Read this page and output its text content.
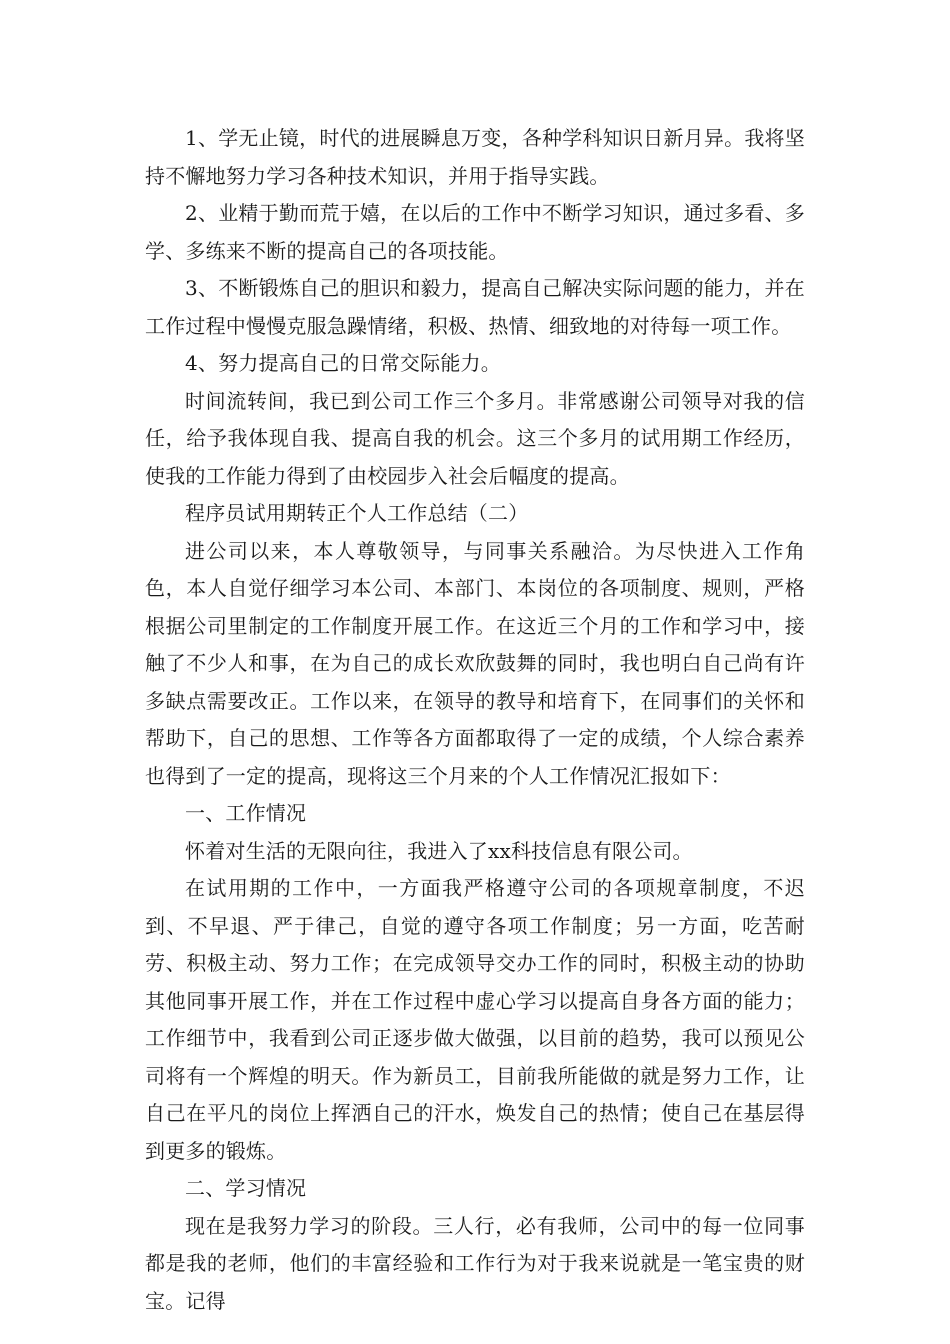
1、学无止镜，时代的进展瞬息万变，各种学科知识日新月异。我将坚持不懈地努力学习各种技术知识，并用于指导实践。

2、业精于勤而荒于嬉，在以后的工作中不断学习知识，通过多看、多学、多练来不断的提高自己的各项技能。

3、不断锻炼自己的胆识和毅力，提高自己解决实际问题的能力，并在工作过程中慢慢克服急躁情绪，积极、热情、细致地的对待每一项工作。

4、努力提高自己的日常交际能力。

时间流转间，我已到公司工作三个多月。非常感谢公司领导对我的信任，给予我体现自我、提高自我的机会。这三个多月的试用期工作经历，使我的工作能力得到了由校园步入社会后幅度的提高。

程序员试用期转正个人工作总结（二）

进公司以来，本人尊敬领导，与同事关系融洽。为尽快进入工作角色，本人自觉仔细学习本公司、本部门、本岗位的各项制度、规则，严格根据公司里制定的工作制度开展工作。在这近三个月的工作和学习中，接触了不少人和事，在为自己的成长欢欣鼓舞的同时，我也明白自己尚有许多缺点需要改正。工作以来，在领导的教导和培育下，在同事们的关怀和帮助下，自己的思想、工作等各方面都取得了一定的成绩，个人综合素养也得到了一定的提高，现将这三个月来的个人工作情况汇报如下：

一、工作情况

怀着对生活的无限向往，我进入了xx科技信息有限公司。

在试用期的工作中，一方面我严格遵守公司的各项规章制度，不迟到、不早退、严于律己，自觉的遵守各项工作制度；另一方面，吃苦耐劳、积极主动、努力工作；在完成领导交办工作的同时，积极主动的协助其他同事开展工作，并在工作过程中虚心学习以提高自身各方面的能力；工作细节中，我看到公司正逐步做大做强，以目前的趋势，我可以预见公司将有一个辉煌的明天。作为新员工，目前我所能做的就是努力工作，让自己在平凡的岗位上挥洒自己的汗水，焕发自己的热情；使自己在基层得到更多的锻炼。

二、学习情况

现在是我努力学习的阶段。三人行，必有我师，公司中的每一位同事都是我的老师，他们的丰富经验和工作行为对于我来说就是一笔宝贵的财宝。记得
